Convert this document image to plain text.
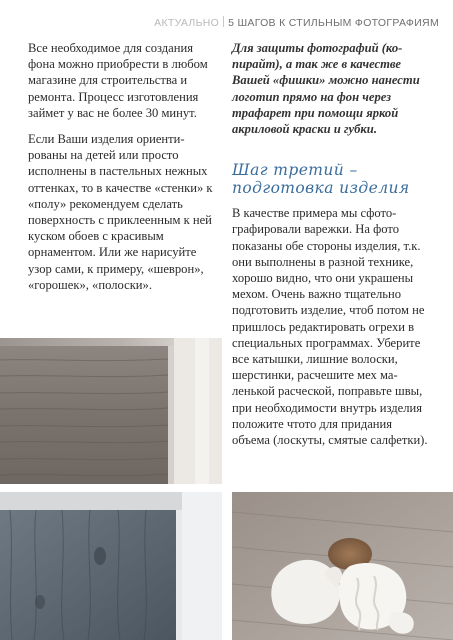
АКТУАЛЬНО 5 ШАГОВ К СТИЛЬНЫМ ФОТОГРАФИЯМ

Все необходимое для создания фона можно приобрести в любом магазине для строительства и ремонта. Процесс изготовления займет у вас не более 30 минут.

Если Ваши изделия ориентированы на детей или просто исполнены в пастельных нежных оттенках, то в качестве «стенки» к «полу» рекомендуем сделать поверхность с приклеенным к ней куском обоев с красивым орнаментом. Или же нарисуйте узор сами, к примеру, «шеврон», «горошек», «полоски».

Для защиты фотографий (копирайт), а так же в качестве Вашей «фишки» можно нанести логотип прямо на фон через трафарет при помощи яркой акриловой краски и губки.

Шаг третий – подготовка изделия

В качестве примера мы сфотографировали варежки. На фото показаны обе стороны изделия, т.к. они выполнены в разной технике, хорошо видно, что они украшены мехом. Очень важно тщательно подготовить изделие, чтоб потом не пришлось редактировать огрехи в специальных программах. Уберите все катышки, лишние волоски, шерстинки, расчешите мех маленькой расческой, поправьте швы, при необходимости внутрь изделия положите чтото для придания объема (лоскуты, смятые салфетки).
